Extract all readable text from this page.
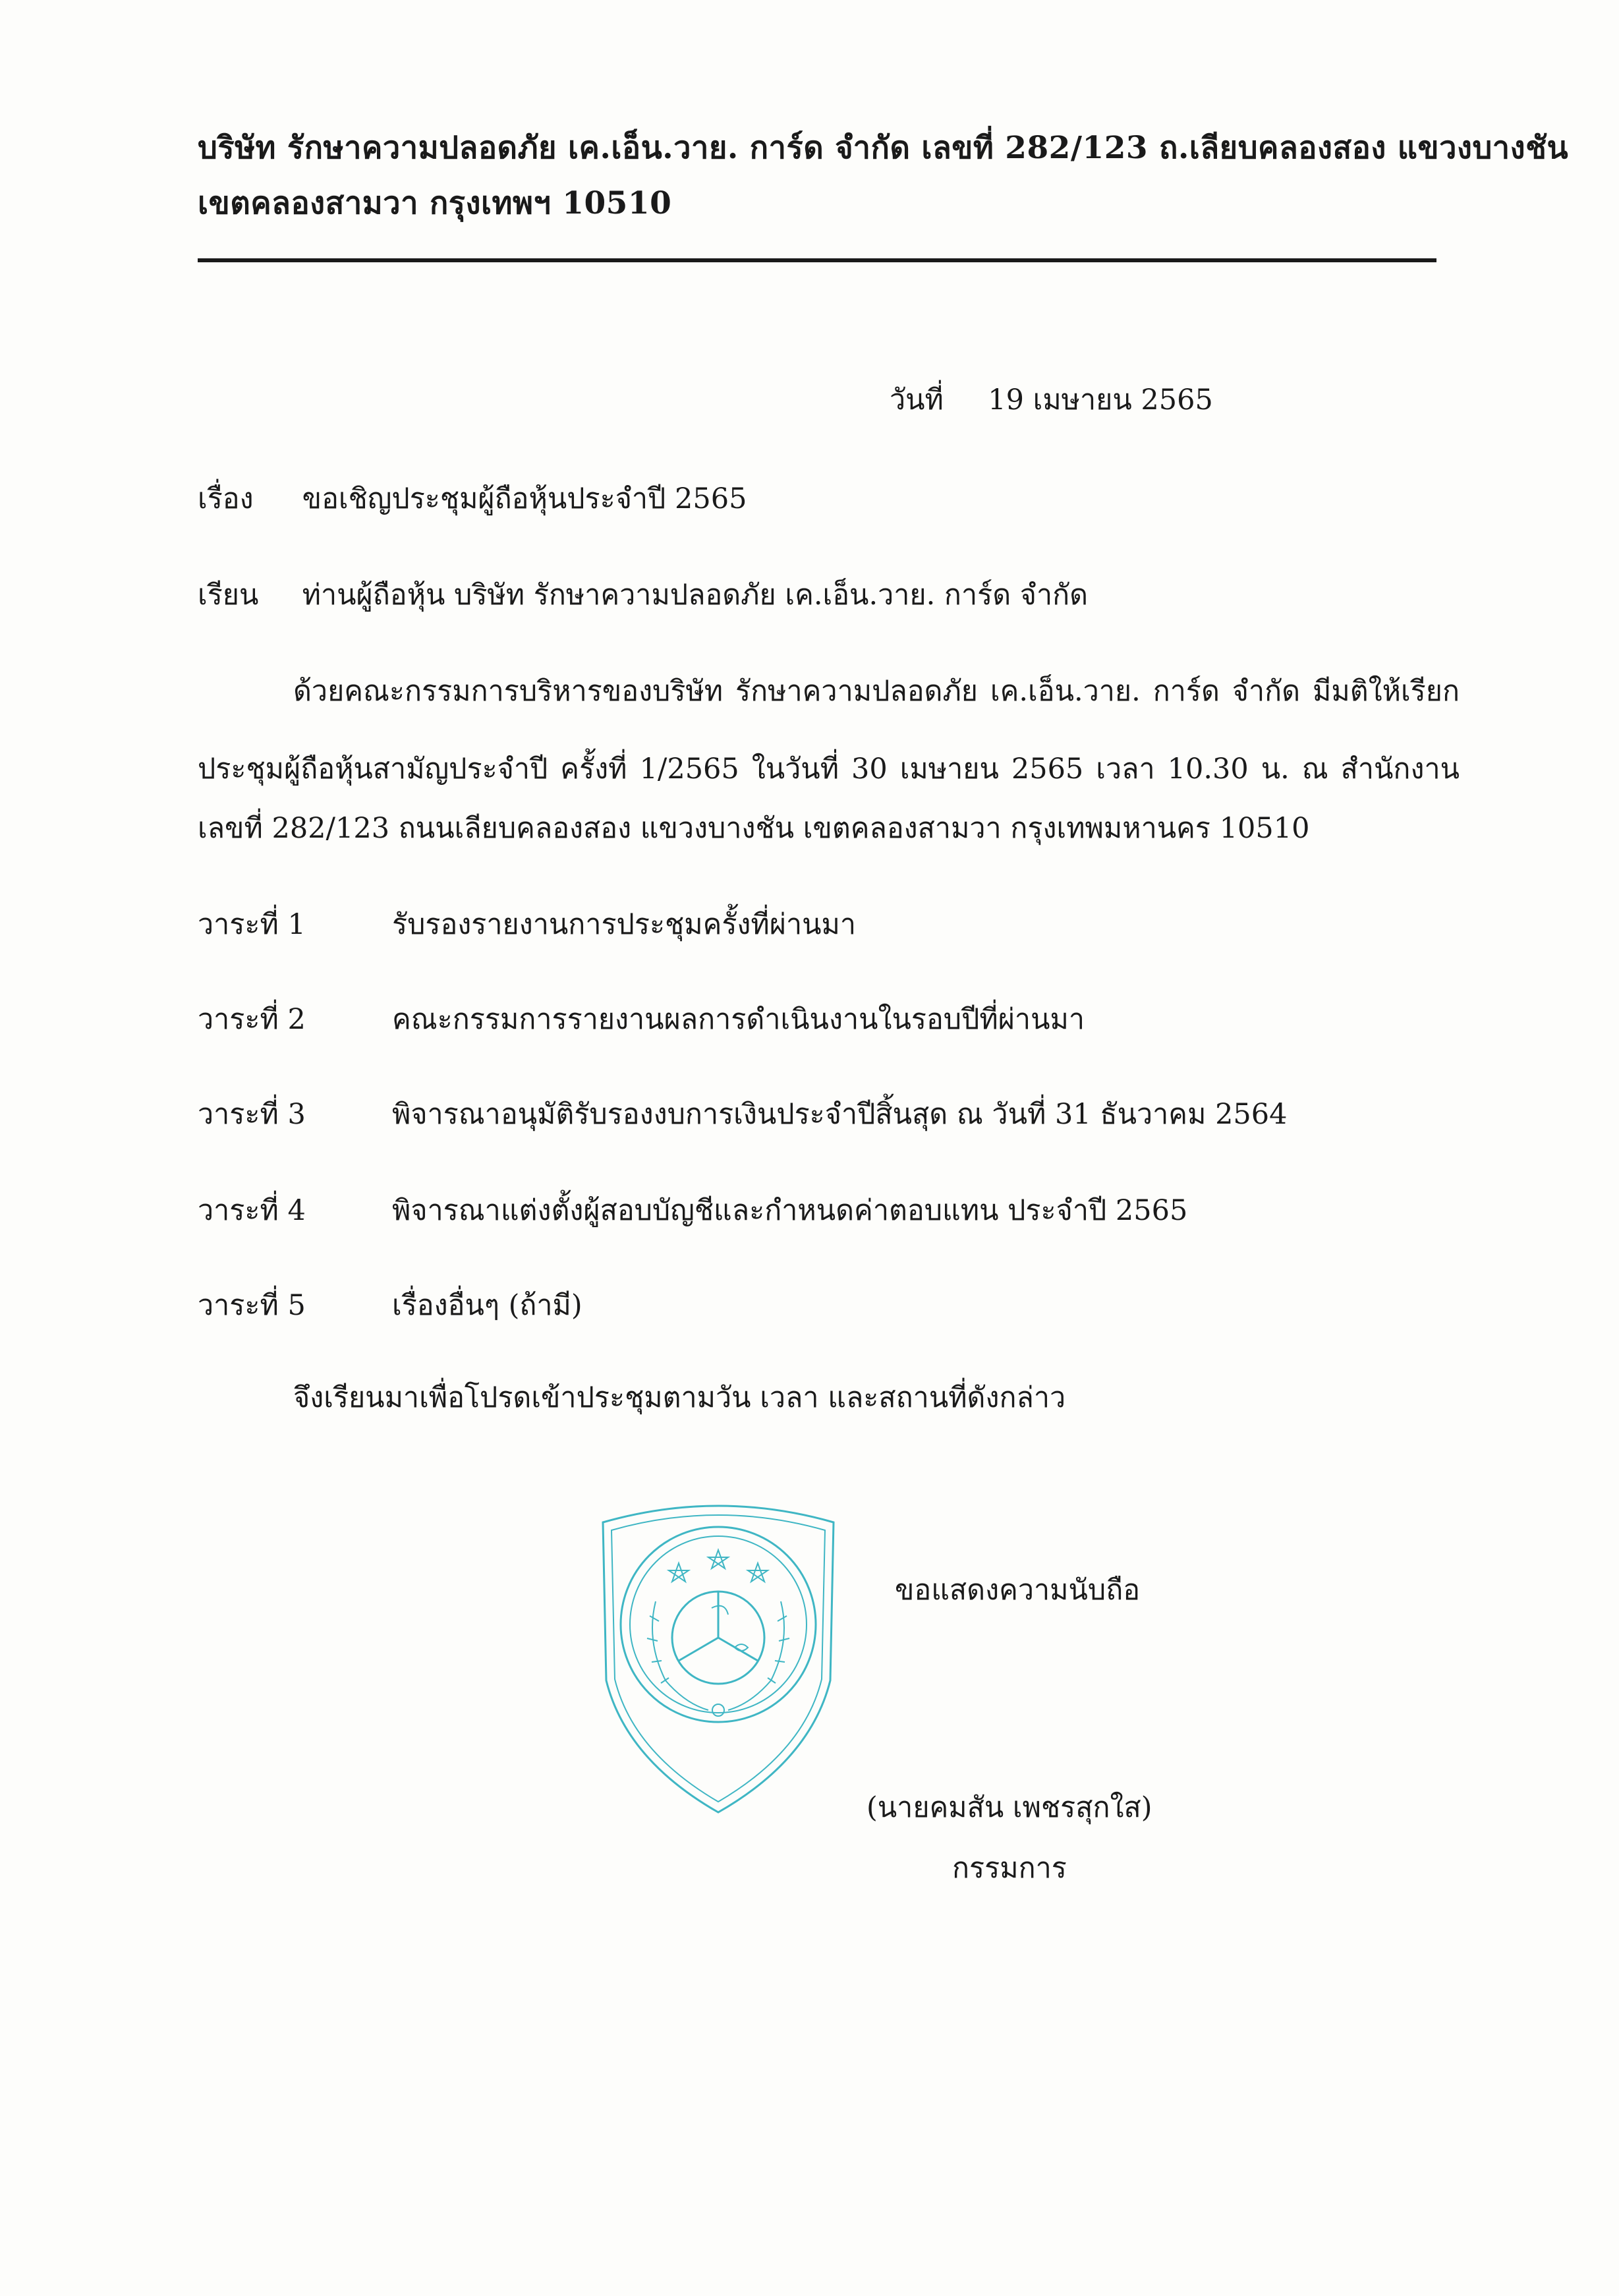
บริษัท รักษาความปลอดภัย เค.เอ็น.วาย. การ์ด จำกัด เลขที่ 282/123 ถ.เลียบคลองสอง แขวงบางชัน
เขตคลองสามวา กรุงเทพฯ 10510
วันที่ 19 เมษายน 2565
เรื่อง ขอเชิญประชุมผู้ถือหุ้นประจำปี 2565
เรียน ท่านผู้ถือหุ้น บริษัท รักษาความปลอดภัย เค.เอ็น.วาย. การ์ด จำกัด
ด้วยคณะกรรมการบริหารของบริษัท รักษาความปลอดภัย เค.เอ็น.วาย. การ์ด จำกัด มีมติให้เรียก
ประชุมผู้ถือหุ้นสามัญประจำปี ครั้งที่ 1/2565 ในวันที่ 30 เมษายน 2565 เวลา 10.30 น. ณ สำนักงาน
เลขที่ 282/123 ถนนเลียบคลองสอง แขวงบางชัน เขตคลองสามวา กรุงเทพมหานคร 10510
วาระที่ 1	รับรองรายงานการประชุมครั้งที่ผ่านมา
วาระที่ 2	คณะกรรมการรายงานผลการดำเนินงานในรอบปีที่ผ่านมา
วาระที่ 3	พิจารณาอนุมัติรับรองงบการเงินประจำปีสิ้นสุด ณ วันที่ 31 ธันวาคม 2564
วาระที่ 4	พิจารณาแต่งตั้งผู้สอบบัญชีและกำหนดค่าตอบแทน ประจำปี 2565
วาระที่ 5	เรื่องอื่นๆ (ถ้ามี)
จึงเรียนมาเพื่อโปรดเข้าประชุมตามวัน เวลา และสถานที่ดังกล่าว
ขอแสดงความนับถือ
(นายคมสัน เพชรสุกใส)
กรรมการ
